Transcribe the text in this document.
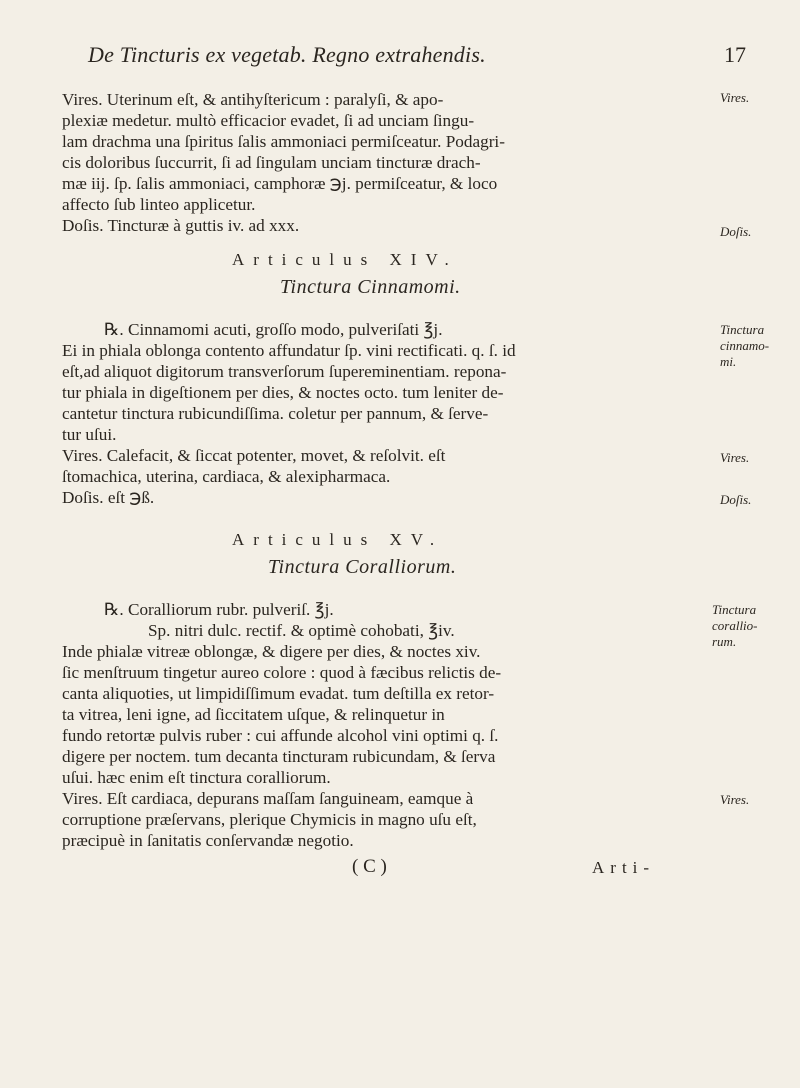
De Tincturis ex vegetab. Regno extrahendis.	17
Vires. Uterinum eſt, & antihyſtericum : paralyſi, & apo-
plexiæ medetur. multò efficacior evadet, ſi ad unciam ſingu-
lam drachma una ſpiritus ſalis ammoniaci permiſceatur. Podagri-
cis doloribus ſuccurrit, ſi ad ſingulam unciam tincturæ drach-
mæ iij. ſp. ſalis ammoniaci, camphoræ ℈j. permiſceatur, & loco
affecto ſub linteo applicetur.
Doſis. Tincturæ à guttis iv. ad xxx.
Vires.
Doſis.
Articulus XIV.
Tinctura Cinnamomi.
℞. Cinnamomi acuti, groſſo modo, pulveriſati ℥j.
Ei in phiala oblonga contento affundatur ſp. vini rectificati. q. ſ. id
eſt,ad aliquot digitorum transverſorum ſupereminentiam. repona-
tur phiala in digeſtionem per dies, & noctes octo. tum leniter de-
cantetur tinctura rubicundiſſima. coletur per pannum, & ſerve-
tur uſui.
Vires. Calefacit, & ſiccat potenter, movet, & reſolvit. eſt
ſtomachica, uterina, cardiaca, & alexipharmaca.
Doſis. eſt ℈ß.
Tinctura
cinnamo-
mi.
Vires.
Doſis.
Articulus XV.
Tinctura Coralliorum.
℞. Coralliorum rubr. pulveriſ. ℥j.
Sp. nitri dulc. rectif. & optimè cohobati, ℥iv.
Inde phialæ vitreæ oblongæ, & digere per dies, & noctes xiv.
ſic menſtruum tingetur aureo colore : quod à fæcibus relictis de-
canta aliquoties, ut limpidiſſimum evadat. tum deſtilla ex retor-
ta vitrea, leni igne, ad ſiccitatem uſque, & relinquetur in
fundo retortæ pulvis ruber : cui affunde alcohol vini optimi q. ſ.
digere per noctem. tum decanta tincturam rubicundam, & ſerva
uſui. hæc enim eſt tinctura coralliorum.
Vires. Eſt cardiaca, depurans maſſam ſanguineam, eamque à
corruptione præſervans, plerique Chymicis in magno uſu eſt,
præcipuè in ſanitatis conſervandæ negotio.
Tinctura
corallio-
rum.
Vires.
( C )	Arti-
